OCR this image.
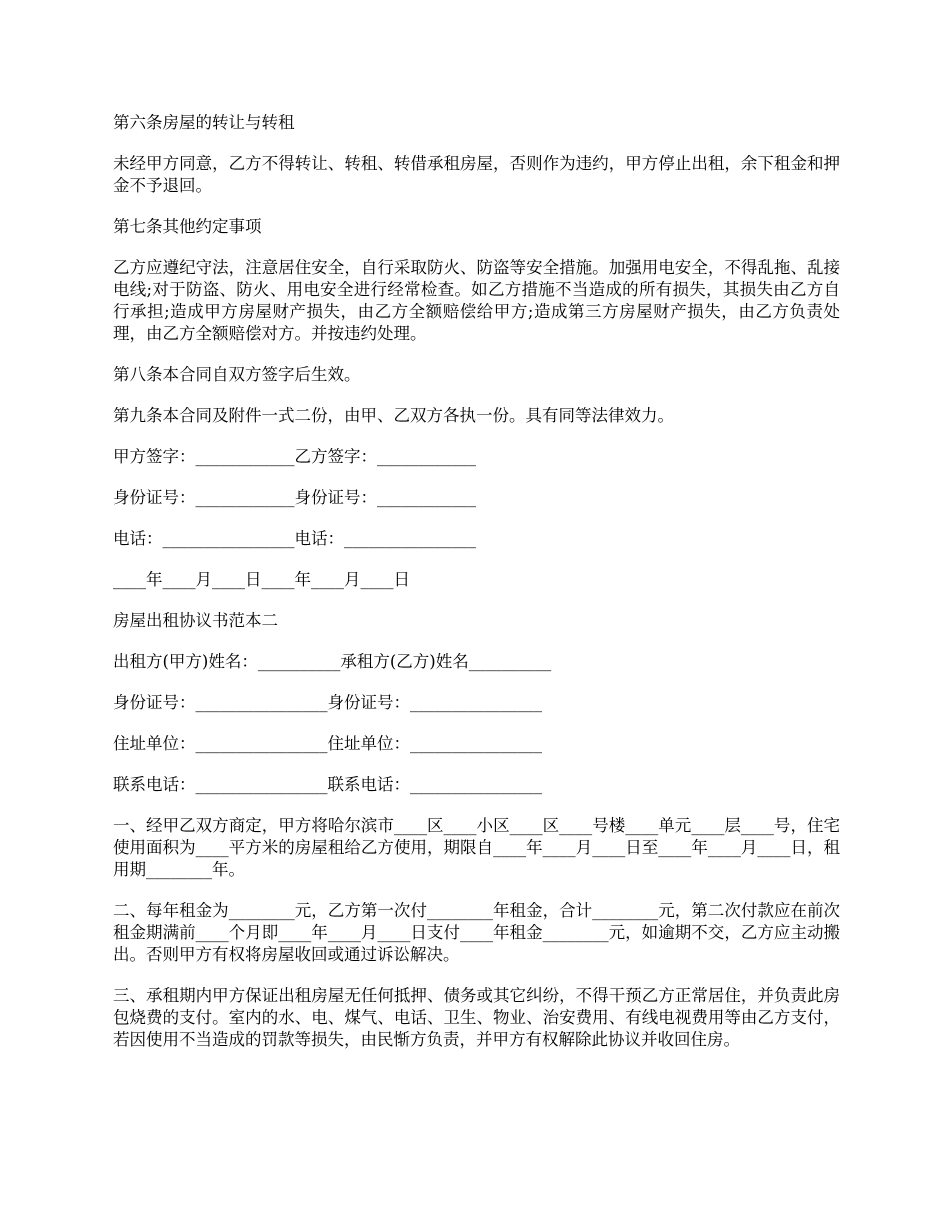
第六条房屋的转让与转租

未经甲方同意，乙方不得转让、转租、转借承租房屋，否则作为违约，甲方停止出租，余下租金和押金不予退回。

第七条其他约定事项

乙方应遵纪守法，注意居住安全，自行采取防火、防盗等安全措施。加强用电安全，不得乱拖、乱接电线;对于防盗、防火、用电安全进行经常检查。如乙方措施不当造成的所有损失，其损失由乙方自行承担;造成甲方房屋财产损失，由乙方全额赔偿给甲方;造成第三方房屋财产损失，由乙方负责处理，由乙方全额赔偿对方。并按违约处理。

第八条本合同自双方签字后生效。

第九条本合同及附件一式二份，由甲、乙双方各执一份。具有同等法律效力。

甲方签字：____________乙方签字：____________

身份证号：____________身份证号：____________

电话：________________电话：________________

____年____月____日____年____月____日

房屋出租协议书范本二

出租方(甲方)姓名：__________承租方(乙方)姓名__________

身份证号：________________身份证号：________________

住址单位：________________住址单位：________________

联系电话：________________联系电话：________________

一、经甲乙双方商定，甲方将哈尔滨市____区____小区____区____号楼____单元____层____号，住宅使用面积为____平方米的房屋租给乙方使用，期限自____年____月____日至____年____月____日，租用期________年。

二、每年租金为________元，乙方第一次付________年租金，合计________元，第二次付款应在前次租金期满前____个月即____年____月____日支付____年租金________元，如逾期不交，乙方应主动搬出。否则甲方有权将房屋收回或通过诉讼解决。

三、承租期内甲方保证出租房屋无任何抵押、债务或其它纠纷，不得干预乙方正常居住，并负责此房包烧费的支付。室内的水、电、煤气、电话、卫生、物业、治安费用、有线电视费用等由乙方支付，若因使用不当造成的罚款等损失，由民惭方负责，并甲方有权解除此协议并收回住房。
